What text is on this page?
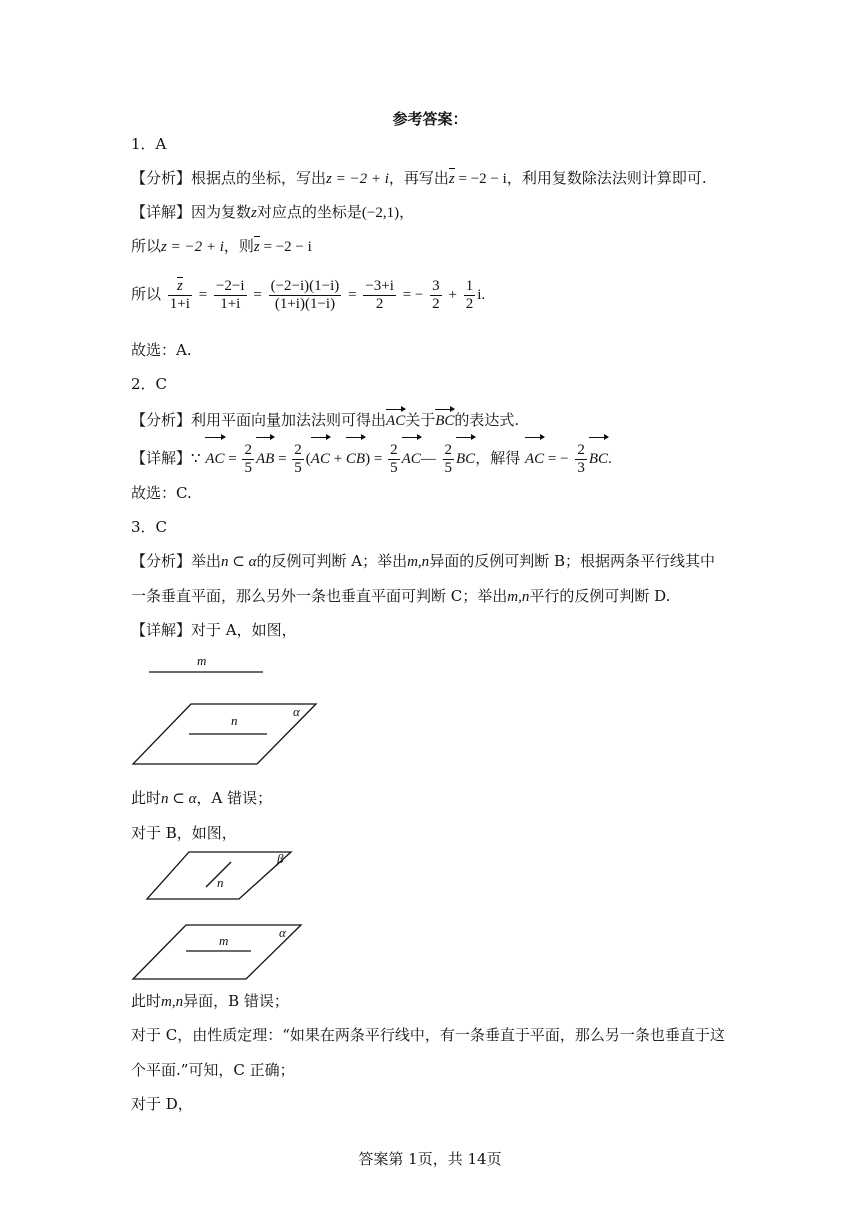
参考答案：
1．A
【分析】根据点的坐标，写出z = −2 + i，再写出z = −2 − i，利用复数除法法则计算即可.
【详解】因为复数z对应点的坐标是(−2,1)，
所以z = −2 + i，则z = −2 − i
所以 $\frac{z}{1+i} = \frac{-2-i}{1+i} = \frac{(-2-i)(1-i)}{(1+i)(1-i)} = \frac{-3+i}{2}$ = − $\frac{3}{2} + \frac{1}{2} i$.
故选：A.
2．C
【分析】利用平面向量加法法则可得出AC关于BC的表达式.
【详解】∵ AC = $\frac{2}{5}$ AB = $\frac{2}{5} (AC + CB) = \frac{2}{5}$ AC— $\frac{2}{5}$ BC，解得 AC = − $\frac{2}{3}$ BC.
故选：C.
3．C
【分析】举出n ⊂ α的反例可判断 A；举出m,n异面的反例可判断 B；根据两条平行线其中
一条垂直平面，那么另外一条也垂直平面可判断 C；举出m,n平行的反例可判断 D.
【详解】对于 A，如图，
m
n
α
此时n ⊂ α，A 错误；
对于 B，如图，
n
β
m
α
此时m,n异面，B 错误；
对于 C，由性质定理：“如果在两条平行线中，有一条垂直于平面，那么另一条也垂直于这
个平面.”可知，C 正确；
对于 D，
答案第 1页，共 14页
